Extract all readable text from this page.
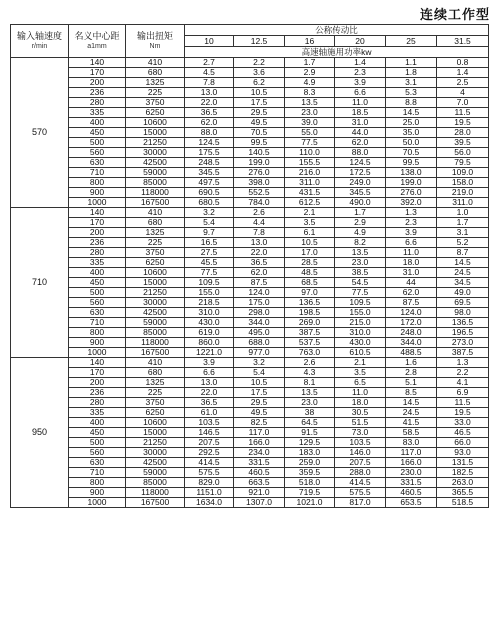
连续工作型
输入轴速度
r/min	名义中心距
a1mm	输出扭矩
Nm	公称传动比					
			10	12.5	16	20	25	31.5
			高速轴施用功率kw					
570	140	410	2.7	2.2	1.7	1.4	1.1	0.8
	170	680	4.5	3.6	2.9	2.3	1.8	1.4
	200	1325	7.8	6.2	4.9	3.9	3.1	2.5
	236	225	13.0	10.5	8.3	6.6	5.3	4
	280	3750	22.0	17.5	13.5	11.0	8.8	7.0
	335	6250	36.5	29.5	23.0	18.5	14.5	11.5
	400	10600	62.0	49.5	39.0	31.0	25.0	19.5
	450	15000	88.0	70.5	55.0	44.0	35.0	28.0
	500	21250	124.5	99.5	77.5	62.0	50.0	39.5
	560	30000	175.5	140.5	110.0	88.0	70.5	56.0
	630	42500	248.5	199.0	155.5	124.5	99.5	79.5
	710	59000	345.5	276.0	216.0	172.5	138.0	109.0
	800	85000	497.5	398.0	311.0	249.0	199.0	158.0
	900	118000	690.5	552.5	431.5	345.5	276.0	219.0
	1000	167500	680.5	784.0	612.5	490.0	392.0	311.0
710	140	410	3.2	2.6	2.1	1.7	1.3	1.0
	170	680	5.4	4.4	3.5	2.9	2.3	1.7
	200	1325	9.7	7.8	6.1	4.9	3.9	3.1
	236	225	16.5	13.0	10.5	8.2	6.6	5.2
	280	3750	27.5	22.0	17.0	13.5	11.0	8.7
	335	6250	45.5	36.5	28.5	23.0	18.0	14.5
	400	10600	77.5	62.0	48.5	38.5	31.0	24.5
	450	15000	109.5	87.5	68.5	54.5	44	34.5
	500	21250	155.0	124.0	97.0	77.5	62.0	49.0
	560	30000	218.5	175.0	136.5	109.5	87.5	69.5
	630	42500	310.0	298.0	198.5	155.0	124.0	98.0
	710	59000	430.0	344.0	269.0	215.0	172.0	136.5
	800	85000	619.0	495.0	387.5	310.0	248.0	196.5
	900	118000	860.0	688.0	537.5	430.0	344.0	273.0
	1000	167500	1221.0	977.0	763.0	610.5	488.5	387.5
950	140	410	3.9	3.2	2.6	2.1	1.6	1.3
	170	680	6.6	5.4	4.3	3.5	2.8	2.2
	200	1325	13.0	10.5	8.1	6.5	5.1	4.1
	236	225	22.0	17.5	13.5	11.0	8.5	6.9
	280	3750	36.5	29.5	23.0	18.0	14.5	11.5
	335	6250	61.0	49.5	38	30.5	24.5	19.5
	400	10600	103.5	82.5	64.5	51.5	41.5	33.0
	450	15000	146.5	117.0	91.5	73.0	58.5	46.5
	500	21250	207.5	166.0	129.5	103.5	83.0	66.0
	560	30000	292.5	234.0	183.0	146.0	117.0	93.0
	630	42500	414.5	331.5	259.0	207.5	166.0	131.5
	710	59000	575.5	460.5	359.5	288.0	230.0	182.5
	800	85000	829.0	663.5	518.0	414.5	331.5	263.0
	900	118000	1151.0	921.0	719.5	575.5	460.5	365.5
	1000	167500	1634.0	1307.0	1021.0	817.0	653.5	518.5
